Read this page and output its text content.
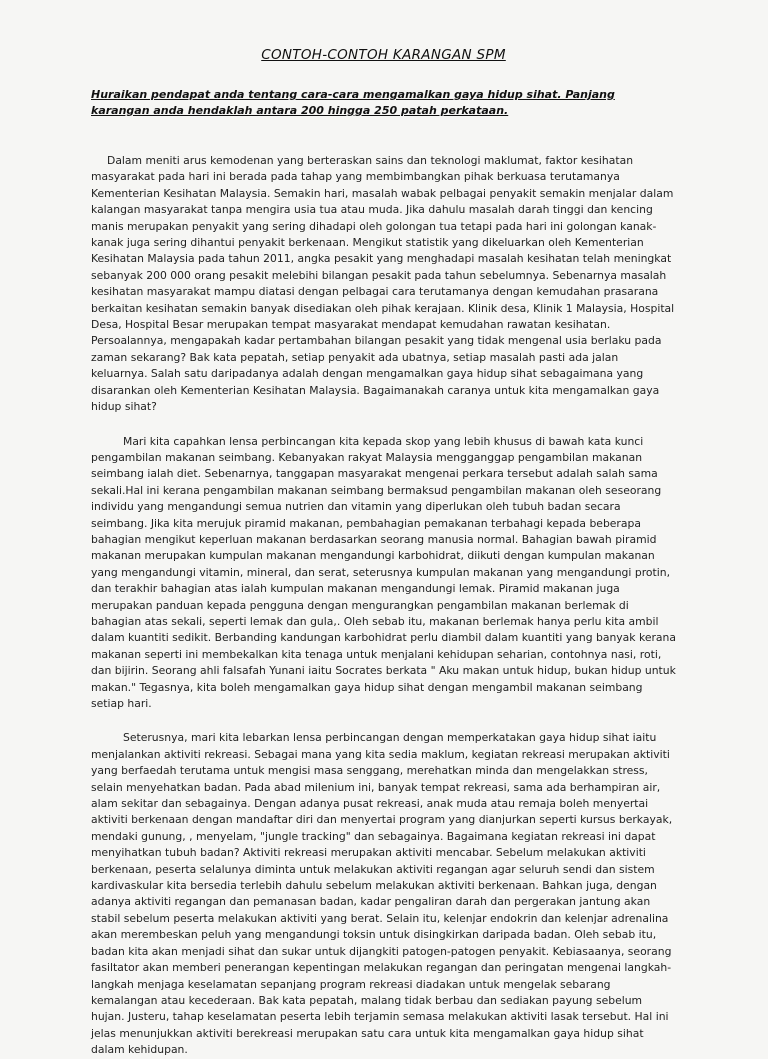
CONTOH-CONTOH KARANGAN SPM

Huraikan pendapat anda tentang cara-cara mengamalkan gaya hidup sihat. Panjang karangan anda hendaklah antara 200 hingga 250 patah perkataan.

Dalam meniti arus kemodenan yang berteraskan sains dan teknologi maklumat, faktor kesihatan masyarakat pada hari ini berada pada tahap yang membimbangkan pihak berkuasa terutamanya Kementerian Kesihatan Malaysia. Semakin hari, masalah wabak pelbagai penyakit semakin menjalar dalam kalangan masyarakat tanpa mengira usia tua atau muda. Jika dahulu masalah darah tinggi dan kencing manis merupakan penyakit yang sering dihadapi oleh golongan tua tetapi pada hari ini golongan kanak-kanak juga sering dihantui penyakit berkenaan. Mengikut statistik yang dikeluarkan oleh Kementerian Kesihatan Malaysia pada tahun 2011, angka pesakit yang menghadapi masalah kesihatan telah meningkat sebanyak 200 000 orang pesakit melebihi bilangan pesakit pada tahun sebelumnya. Sebenarnya masalah kesihatan masyarakat mampu diatasi dengan pelbagai cara terutamanya dengan kemudahan prasarana berkaitan kesihatan semakin banyak disediakan oleh pihak kerajaan. Klinik desa, Klinik 1 Malaysia, Hospital Desa, Hospital Besar merupakan tempat masyarakat mendapat kemudahan rawatan kesihatan. Persoalannya, mengapakah kadar pertambahan bilangan pesakit yang tidak mengenal usia berlaku pada zaman sekarang? Bak kata pepatah, setiap penyakit ada ubatnya, setiap masalah pasti ada jalan keluarnya. Salah satu daripadanya adalah dengan mengamalkan gaya hidup sihat sebagaimana yang disarankan oleh Kementerian Kesihatan Malaysia. Bagaimanakah caranya untuk kita mengamalkan gaya hidup sihat?

Mari kita capahkan lensa perbincangan kita kepada skop yang lebih khusus di bawah kata kunci pengambilan makanan seimbang. Kebanyakan rakyat Malaysia mengganggap pengambilan makanan seimbang ialah diet. Sebenarnya, tanggapan masyarakat mengenai perkara tersebut adalah salah sama sekali.Hal ini kerana pengambilan makanan seimbang bermaksud pengambilan makanan oleh seseorang individu yang mengandungi semua nutrien dan vitamin yang diperlukan oleh tubuh badan secara seimbang. Jika kita merujuk piramid makanan, pembahagian pemakanan terbahagi kepada beberapa bahagian mengikut keperluan makanan berdasarkan seorang manusia normal. Bahagian bawah piramid makanan merupakan kumpulan makanan mengandungi karbohidrat, diikuti dengan kumpulan makanan yang mengandungi vitamin, mineral, dan serat, seterusnya kumpulan makanan yang mengandungi protin, dan terakhir bahagian atas ialah kumpulan makanan mengandungi lemak. Piramid makanan juga merupakan panduan kepada pengguna dengan mengurangkan pengambilan makanan berlemak di bahagian atas sekali, seperti lemak dan gula,. Oleh sebab itu, makanan berlemak hanya perlu kita ambil dalam kuantiti sedikit. Berbanding kandungan karbohidrat perlu diambil dalam kuantiti yang banyak kerana makanan seperti ini membekalkan kita tenaga untuk menjalani kehidupan seharian, contohnya nasi, roti, dan bijirin. Seorang ahli falsafah Yunani iaitu Socrates berkata " Aku makan untuk hidup, bukan hidup untuk makan." Tegasnya, kita boleh mengamalkan gaya hidup sihat dengan mengambil makanan seimbang setiap hari.

Seterusnya, mari kita lebarkan lensa perbincangan dengan memperkatakan gaya hidup sihat iaitu menjalankan aktiviti rekreasi. Sebagai mana yang kita sedia maklum, kegiatan rekreasi merupakan aktiviti yang berfaedah terutama untuk mengisi masa senggang, merehatkan minda dan mengelakkan stress, selain menyehatkan badan. Pada abad milenium ini, banyak tempat rekreasi, sama ada berhampiran air, alam sekitar dan sebagainya. Dengan adanya pusat rekreasi, anak muda atau remaja boleh menyertai aktiviti berkenaan dengan mandaftar diri dan menyertai program yang dianjurkan seperti kursus berkayak, mendaki gunung, , menyelam, "jungle tracking" dan sebagainya. Bagaimana kegiatan rekreasi ini dapat menyihatkan tubuh badan? Aktiviti rekreasi merupakan aktiviti mencabar. Sebelum melakukan aktiviti berkenaan, peserta selalunya diminta untuk melakukan aktiviti regangan agar seluruh sendi dan sistem kardivaskular kita bersedia terlebih dahulu sebelum melakukan aktiviti berkenaan. Bahkan juga, dengan adanya aktiviti regangan dan pemanasan badan, kadar pengaliran darah dan pergerakan jantung akan stabil sebelum peserta melakukan aktiviti yang berat. Selain itu, kelenjar endokrin dan kelenjar adrenalina akan merembeskan peluh yang mengandungi toksin untuk disingkirkan daripada badan. Oleh sebab itu, badan kita akan menjadi sihat dan sukar untuk dijangkiti patogen-patogen penyakit. Kebiasaanya, seorang fasiltator akan memberi penerangan kepentingan melakukan regangan dan peringatan mengenai langkah-langkah menjaga keselamatan sepanjang program rekreasi diadakan untuk mengelak sebarang kemalangan atau kecederaan. Bak kata pepatah, malang tidak berbau dan sediakan payung sebelum hujan. Justeru, tahap keselamatan peserta lebih terjamin semasa melakukan aktiviti lasak tersebut. Hal ini jelas menunjukkan aktiviti berekreasi merupakan satu cara untuk kita mengamalkan gaya hidup sihat dalam kehidupan.
